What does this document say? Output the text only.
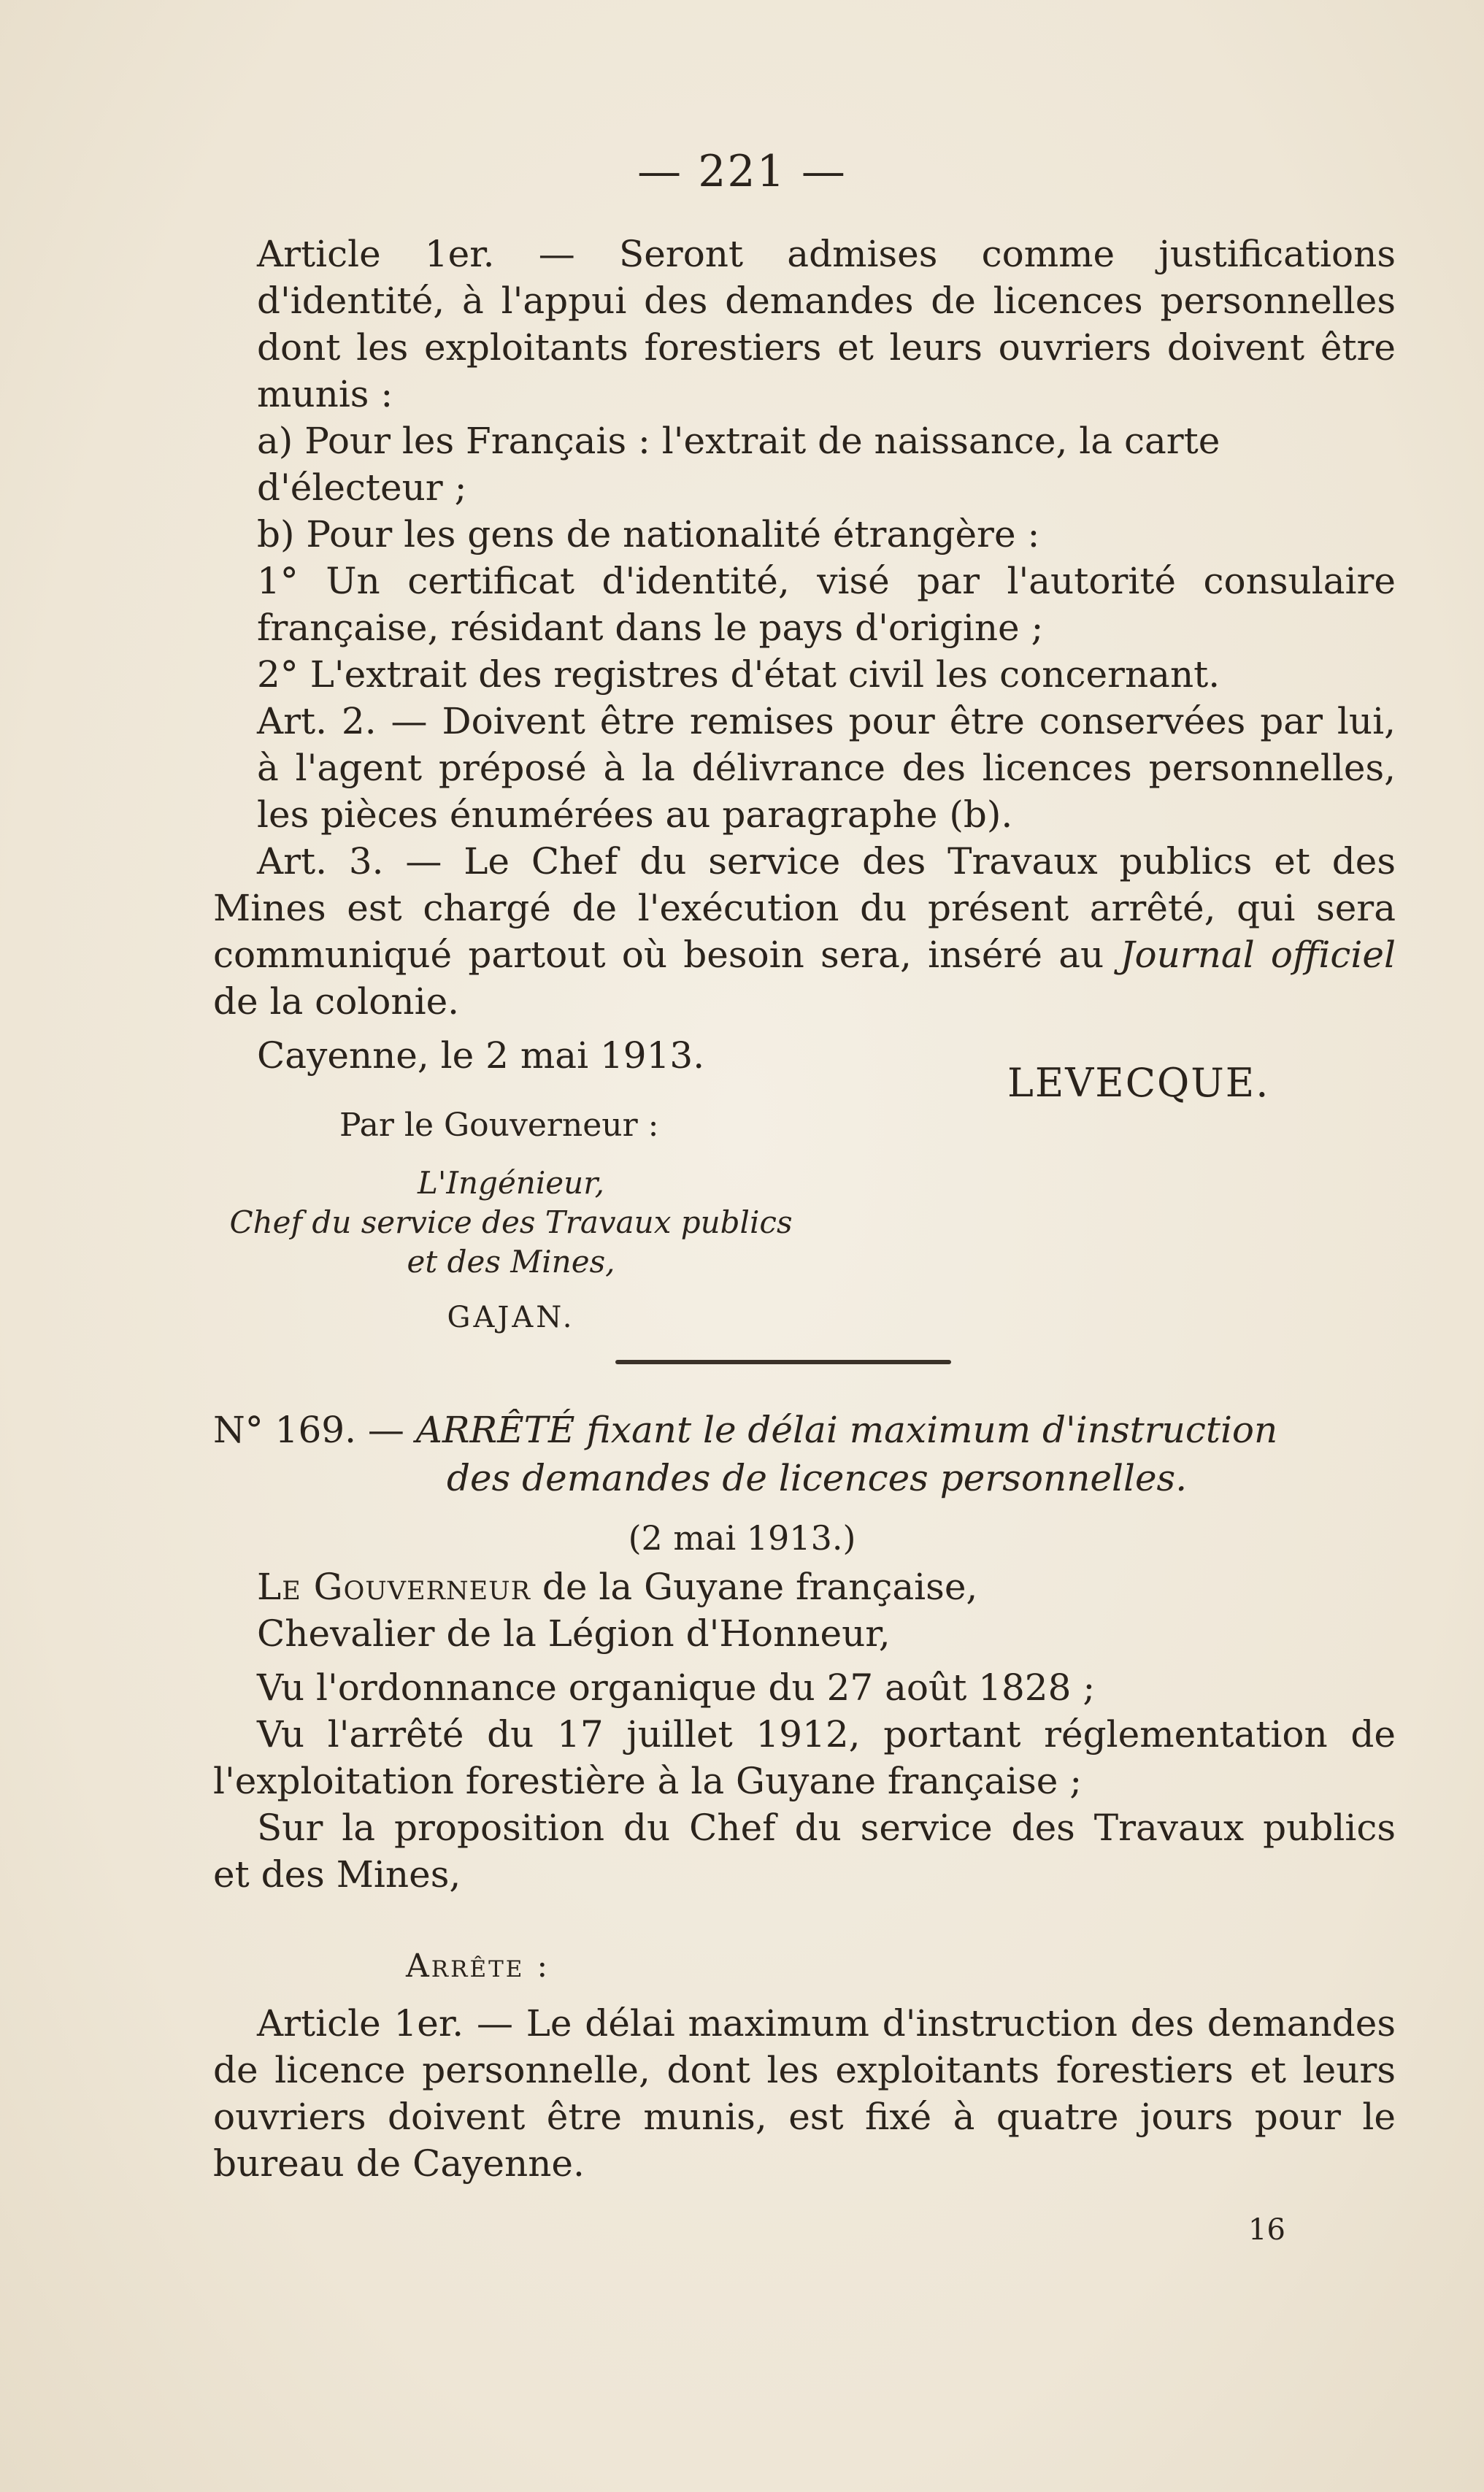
— 221 —

Article 1er. — Seront admises comme justifications d'identité, à l'appui des demandes de licences personnelles dont les exploitants forestiers et leurs ouvriers doivent être munis :

a) Pour les Français : l'extrait de naissance, la carte d'électeur ;

b) Pour les gens de nationalité étrangère :

1° Un certificat d'identité, visé par l'autorité consulaire française, résidant dans le pays d'origine ;

2° L'extrait des registres d'état civil les concernant.

Art. 2. — Doivent être remises pour être conservées par lui, à l'agent préposé à la délivrance des licences personnelles, les pièces énumérées au paragraphe (b).

Art. 3. — Le Chef du service des Travaux publics et des

Mines est chargé de l'exécution du présent arrêté, qui sera

communiqué partout où besoin sera, inséré au Journal officiel

de la colonie.

Cayenne, le 2 mai 1913.

LEVECQUE.
Par le Gouverneur :
L'Ingénieur,
Chef du service des Travaux publics
et des Mines,
GAJAN.
N° 169. — ARRÊTÉ fixant le délai maximum d'instruction
des demandes de licences personnelles.
(2 mai 1913.)

Le Gouverneur de la Guyane française,

Chevalier de la Légion d'Honneur,

Vu l'ordonnance organique du 27 août 1828 ;

Vu l'arrêté du 17 juillet 1912, portant réglementation de

l'exploitation forestière à la Guyane française ;

Sur la proposition du Chef du service des Travaux publics

et des Mines,

Arrête :

Article 1er. — Le délai maximum d'instruction des demandes

de licence personnelle, dont les exploitants forestiers et leurs

ouvriers doivent être munis, est fixé à quatre jours pour le

bureau de Cayenne.

16
